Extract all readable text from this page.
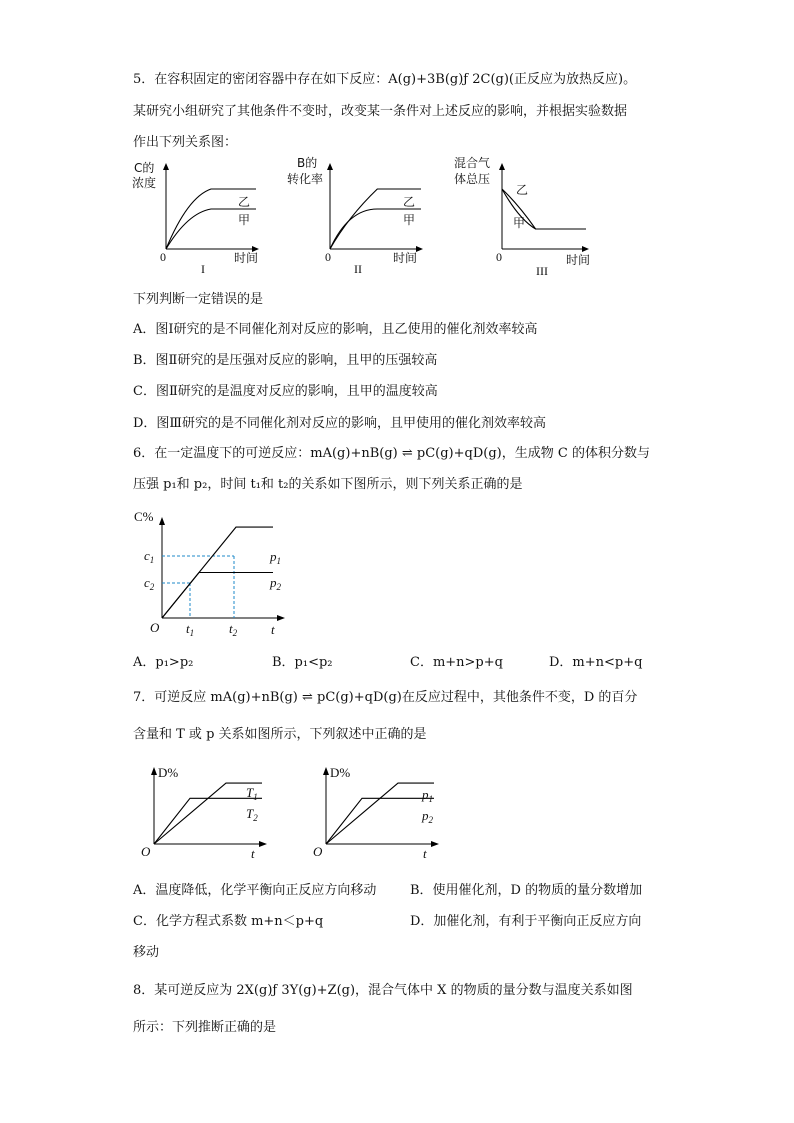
5．在容积固定的密闭容器中存在如下反应：A(g)+3B(g)ƒ 2C(g)(正反应为放热反应)。
某研究小组研究了其他条件不变时，改变某一条件对上述反应的影响，并根据实验数据
作出下列关系图：
C的
浓度
乙
甲
0	时间
I
B的
转化率
乙
甲
0	时间
II
混合气
体总压
乙
甲
0	时间
III
下列判断一定错误的是
A．图Ⅰ研究的是不同催化剂对反应的影响，且乙使用的催化剂效率较高
B．图Ⅱ研究的是压强对反应的影响，且甲的压强较高
C．图Ⅱ研究的是温度对反应的影响，且甲的温度较高
D．图Ⅲ研究的是不同催化剂对反应的影响，且甲使用的催化剂效率较高
6．在一定温度下的可逆反应：mA(g)+nB(g) ⇌ pC(g)+qD(g)，生成物 C 的体积分数与
压强 p₁和 p₂，时间 t₁和 t₂的关系如下图所示，则下列关系正确的是
C%
$c_1$
$c_2$
$p_1$
$p_2$
O $t_1$	$t_2$	t
A．p₁>p₂	B．p₁<p₂	C．m+n>p+q	D．m+n<p+q
7．可逆反应 mA(g)+nB(g) ⇌ pC(g)+qD(g)在反应过程中，其他条件不变，D 的百分
含量和 T 或 p 关系如图所示，下列叙述中正确的是
D%
$T_1$
$T_2$
O	t
D%
$p_1$
$p_2$
O	t
A．温度降低，化学平衡向正反应方向移动	B．使用催化剂，D 的物质的量分数增加
C．化学方程式系数 m+n＜p+q	D．加催化剂，有利于平衡向正反应方向
移动
8．某可逆反应为 2X(g)ƒ 3Y(g)+Z(g)，混合气体中 X 的物质的量分数与温度关系如图
所示：下列推断正确的是
